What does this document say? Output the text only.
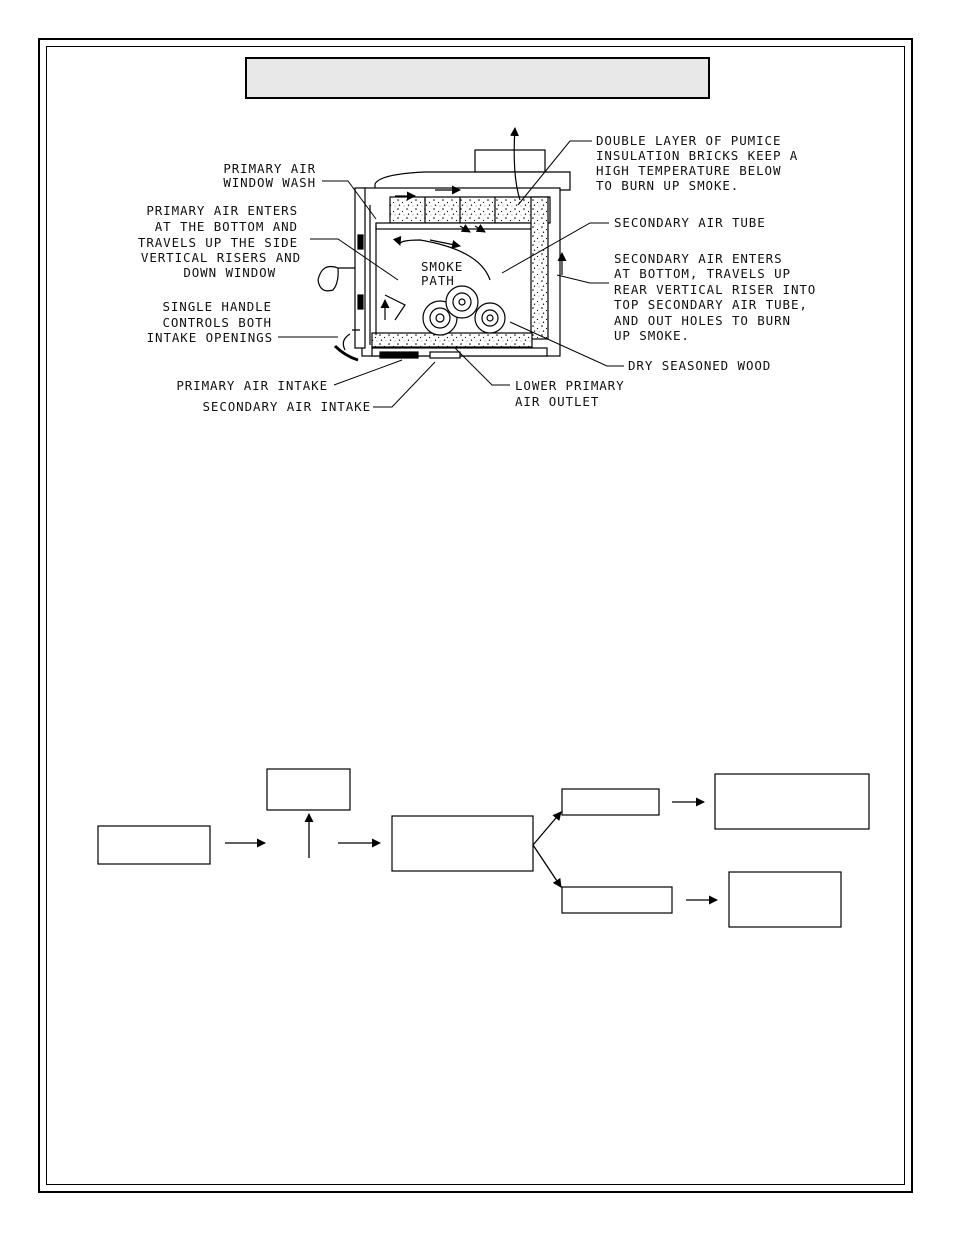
PRIMARY AIR
WINDOW WASH
PRIMARY AIR ENTERS
AT THE BOTTOM AND
TRAVELS UP THE SIDE
VERTICAL RISERS AND
DOWN WINDOW
SINGLE HANDLE
CONTROLS BOTH
INTAKE OPENINGS
PRIMARY AIR INTAKE
SECONDARY AIR INTAKE
DOUBLE LAYER OF PUMICE
INSULATION BRICKS KEEP A
HIGH TEMPERATURE BELOW
TO BURN UP SMOKE.
SECONDARY AIR TUBE
SECONDARY AIR ENTERS
AT BOTTOM, TRAVELS UP
REAR VERTICAL RISER INTO
TOP SECONDARY AIR TUBE,
AND OUT HOLES TO BURN
UP SMOKE.
SMOKE
PATH
DRY SEASONED WOOD
LOWER PRIMARY
AIR OUTLET
